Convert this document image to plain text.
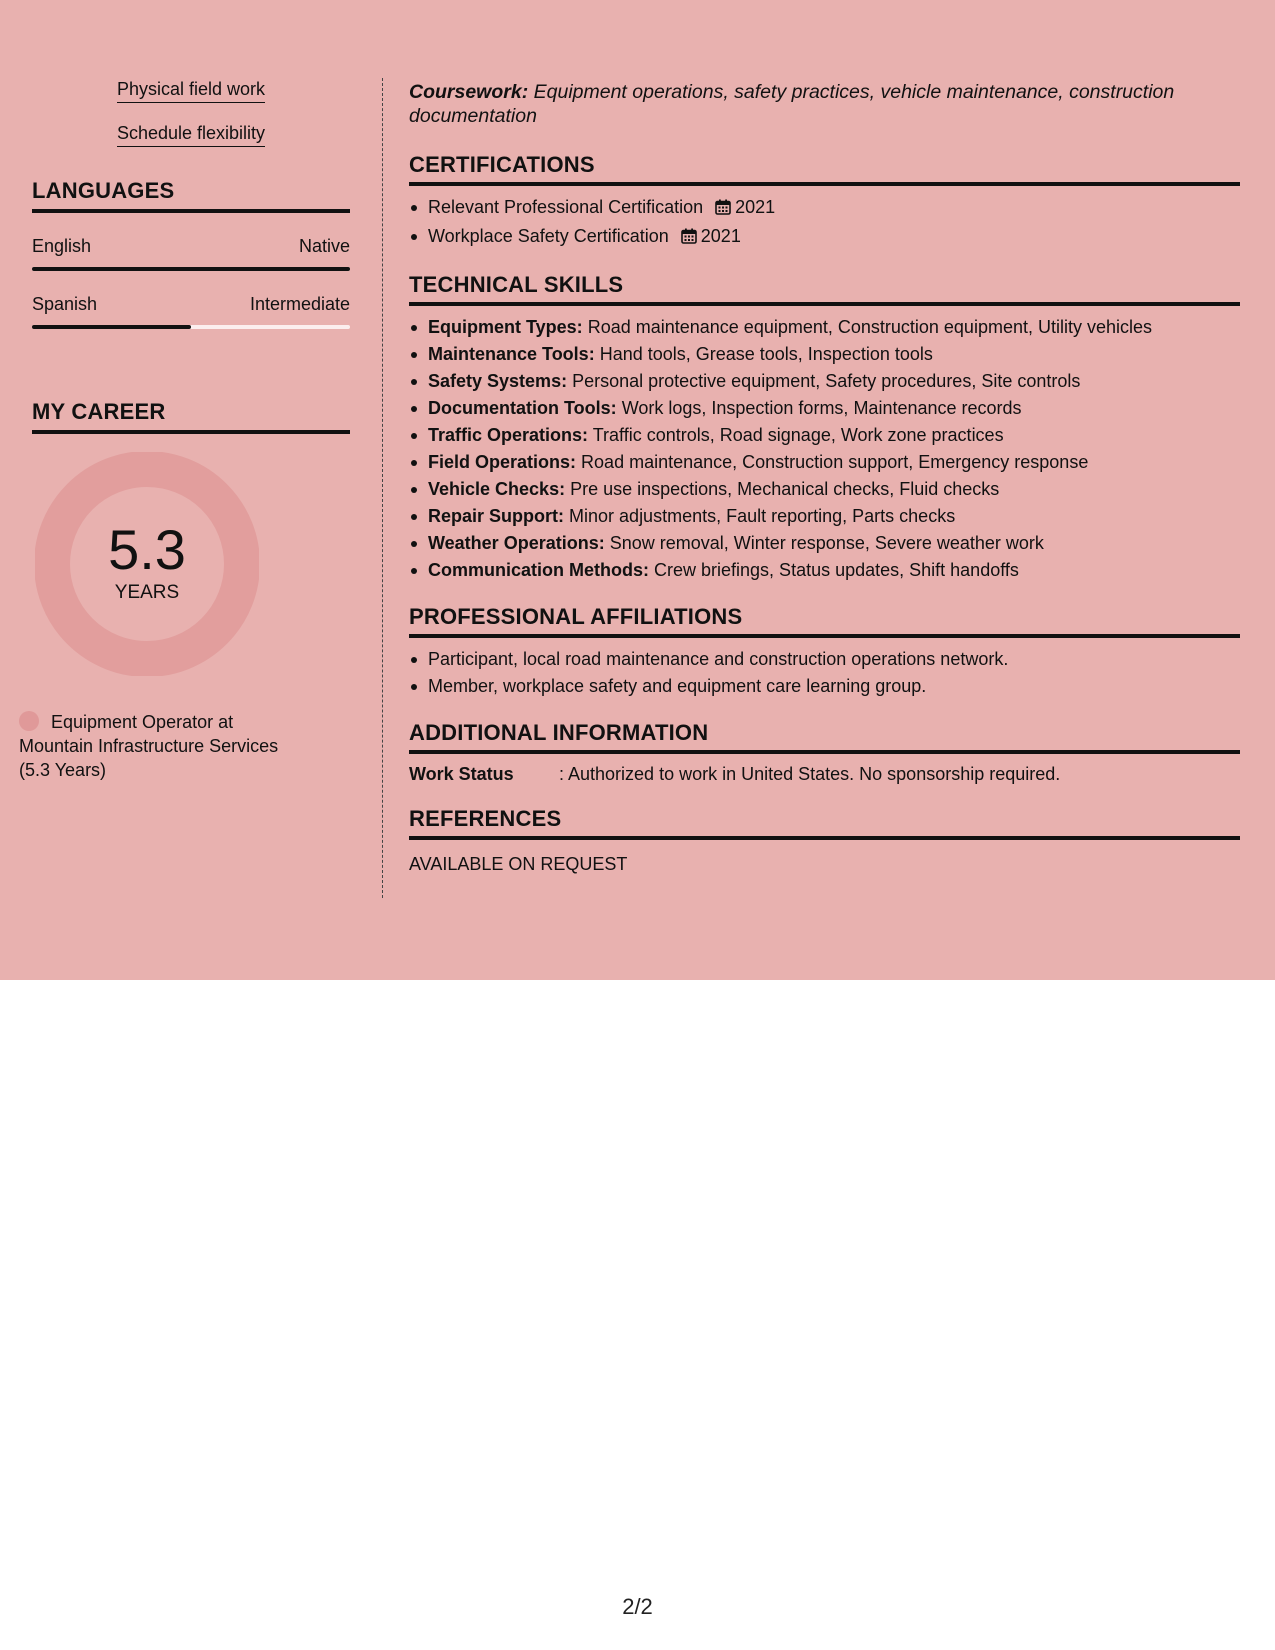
Physical field work
Schedule flexibility
LANGUAGES
English	Native
Spanish	Intermediate
MY CAREER
5.3
YEARS
Equipment Operator at Mountain Infrastructure Services (5.3 Years)

Coursework: Equipment operations, safety practices, vehicle maintenance, construction documentation

CERTIFICATIONS
Relevant Professional Certification 2021
Workplace Safety Certification 2021
TECHNICAL SKILLS
Equipment Types: Road maintenance equipment, Construction equipment, Utility vehicles
Maintenance Tools: Hand tools, Grease tools, Inspection tools
Safety Systems: Personal protective equipment, Safety procedures, Site controls
Documentation Tools: Work logs, Inspection forms, Maintenance records
Traffic Operations: Traffic controls, Road signage, Work zone practices
Field Operations: Road maintenance, Construction support, Emergency response
Vehicle Checks: Pre use inspections, Mechanical checks, Fluid checks
Repair Support: Minor adjustments, Fault reporting, Parts checks
Weather Operations: Snow removal, Winter response, Severe weather work
Communication Methods: Crew briefings, Status updates, Shift handoffs
PROFESSIONAL AFFILIATIONS
Participant, local road maintenance and construction operations network.
Member, workplace safety and equipment care learning group.
ADDITIONAL INFORMATION
Work Status	: Authorized to work in United States. No sponsorship required.
REFERENCES
AVAILABLE ON REQUEST
2/2
